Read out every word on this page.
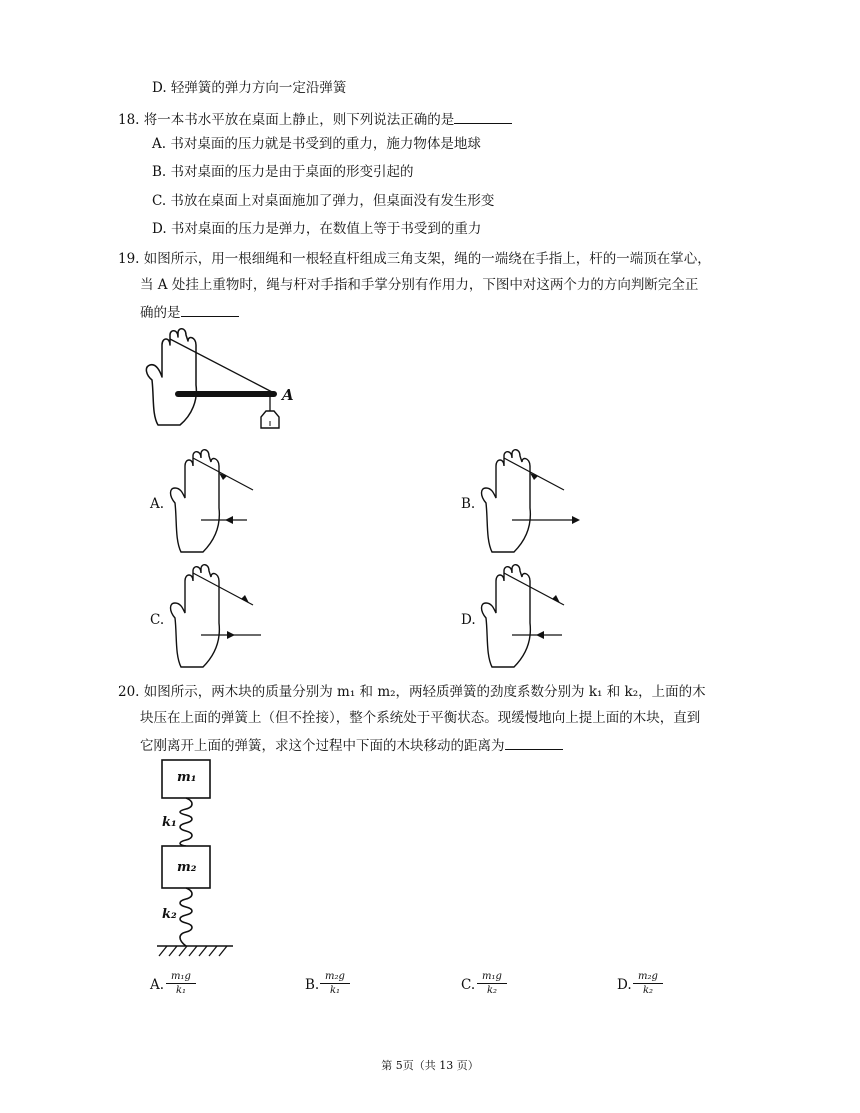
D. 轻弹簧的弹力方向一定沿弹簧
18. 将一本书水平放在桌面上静止，则下列说法正确的是
A. 书对桌面的压力就是书受到的重力，施力物体是地球
B. 书对桌面的压力是由于桌面的形变引起的
C. 书放在桌面上对桌面施加了弹力，但桌面没有发生形变
D. 书对桌面的压力是弹力，在数值上等于书受到的重力
19. 如图所示，用一根细绳和一根轻直杆组成三角支架，绳的一端绕在手指上，杆的一端顶在掌心，
当 A 处挂上重物时，绳与杆对手指和手掌分别有作用力，下图中对这两个力的方向判断完全正
确的是
A
A.	B.
C.	D.
20. 如图所示，两木块的质量分别为 m₁ 和 m₂，两轻质弹簧的劲度系数分别为 k₁ 和 k₂，上面的木
块压在上面的弹簧上（但不拴接），整个系统处于平衡状态。现缓慢地向上提上面的木块，直到
它刚离开上面的弹簧，求这个过程中下面的木块移动的距离为
m₁
m₂
k₁
k₂
A. $\frac{\text{m₁g}}{\text{k₁}}$	B. $\frac{\text{m₂g}}{\text{k₁}}$	C. $\frac{\text{m₁g}}{\text{k₂}}$	D. $\frac{\text{m₂g}}{\text{k₂}}$
第 5页（共 13 页）
